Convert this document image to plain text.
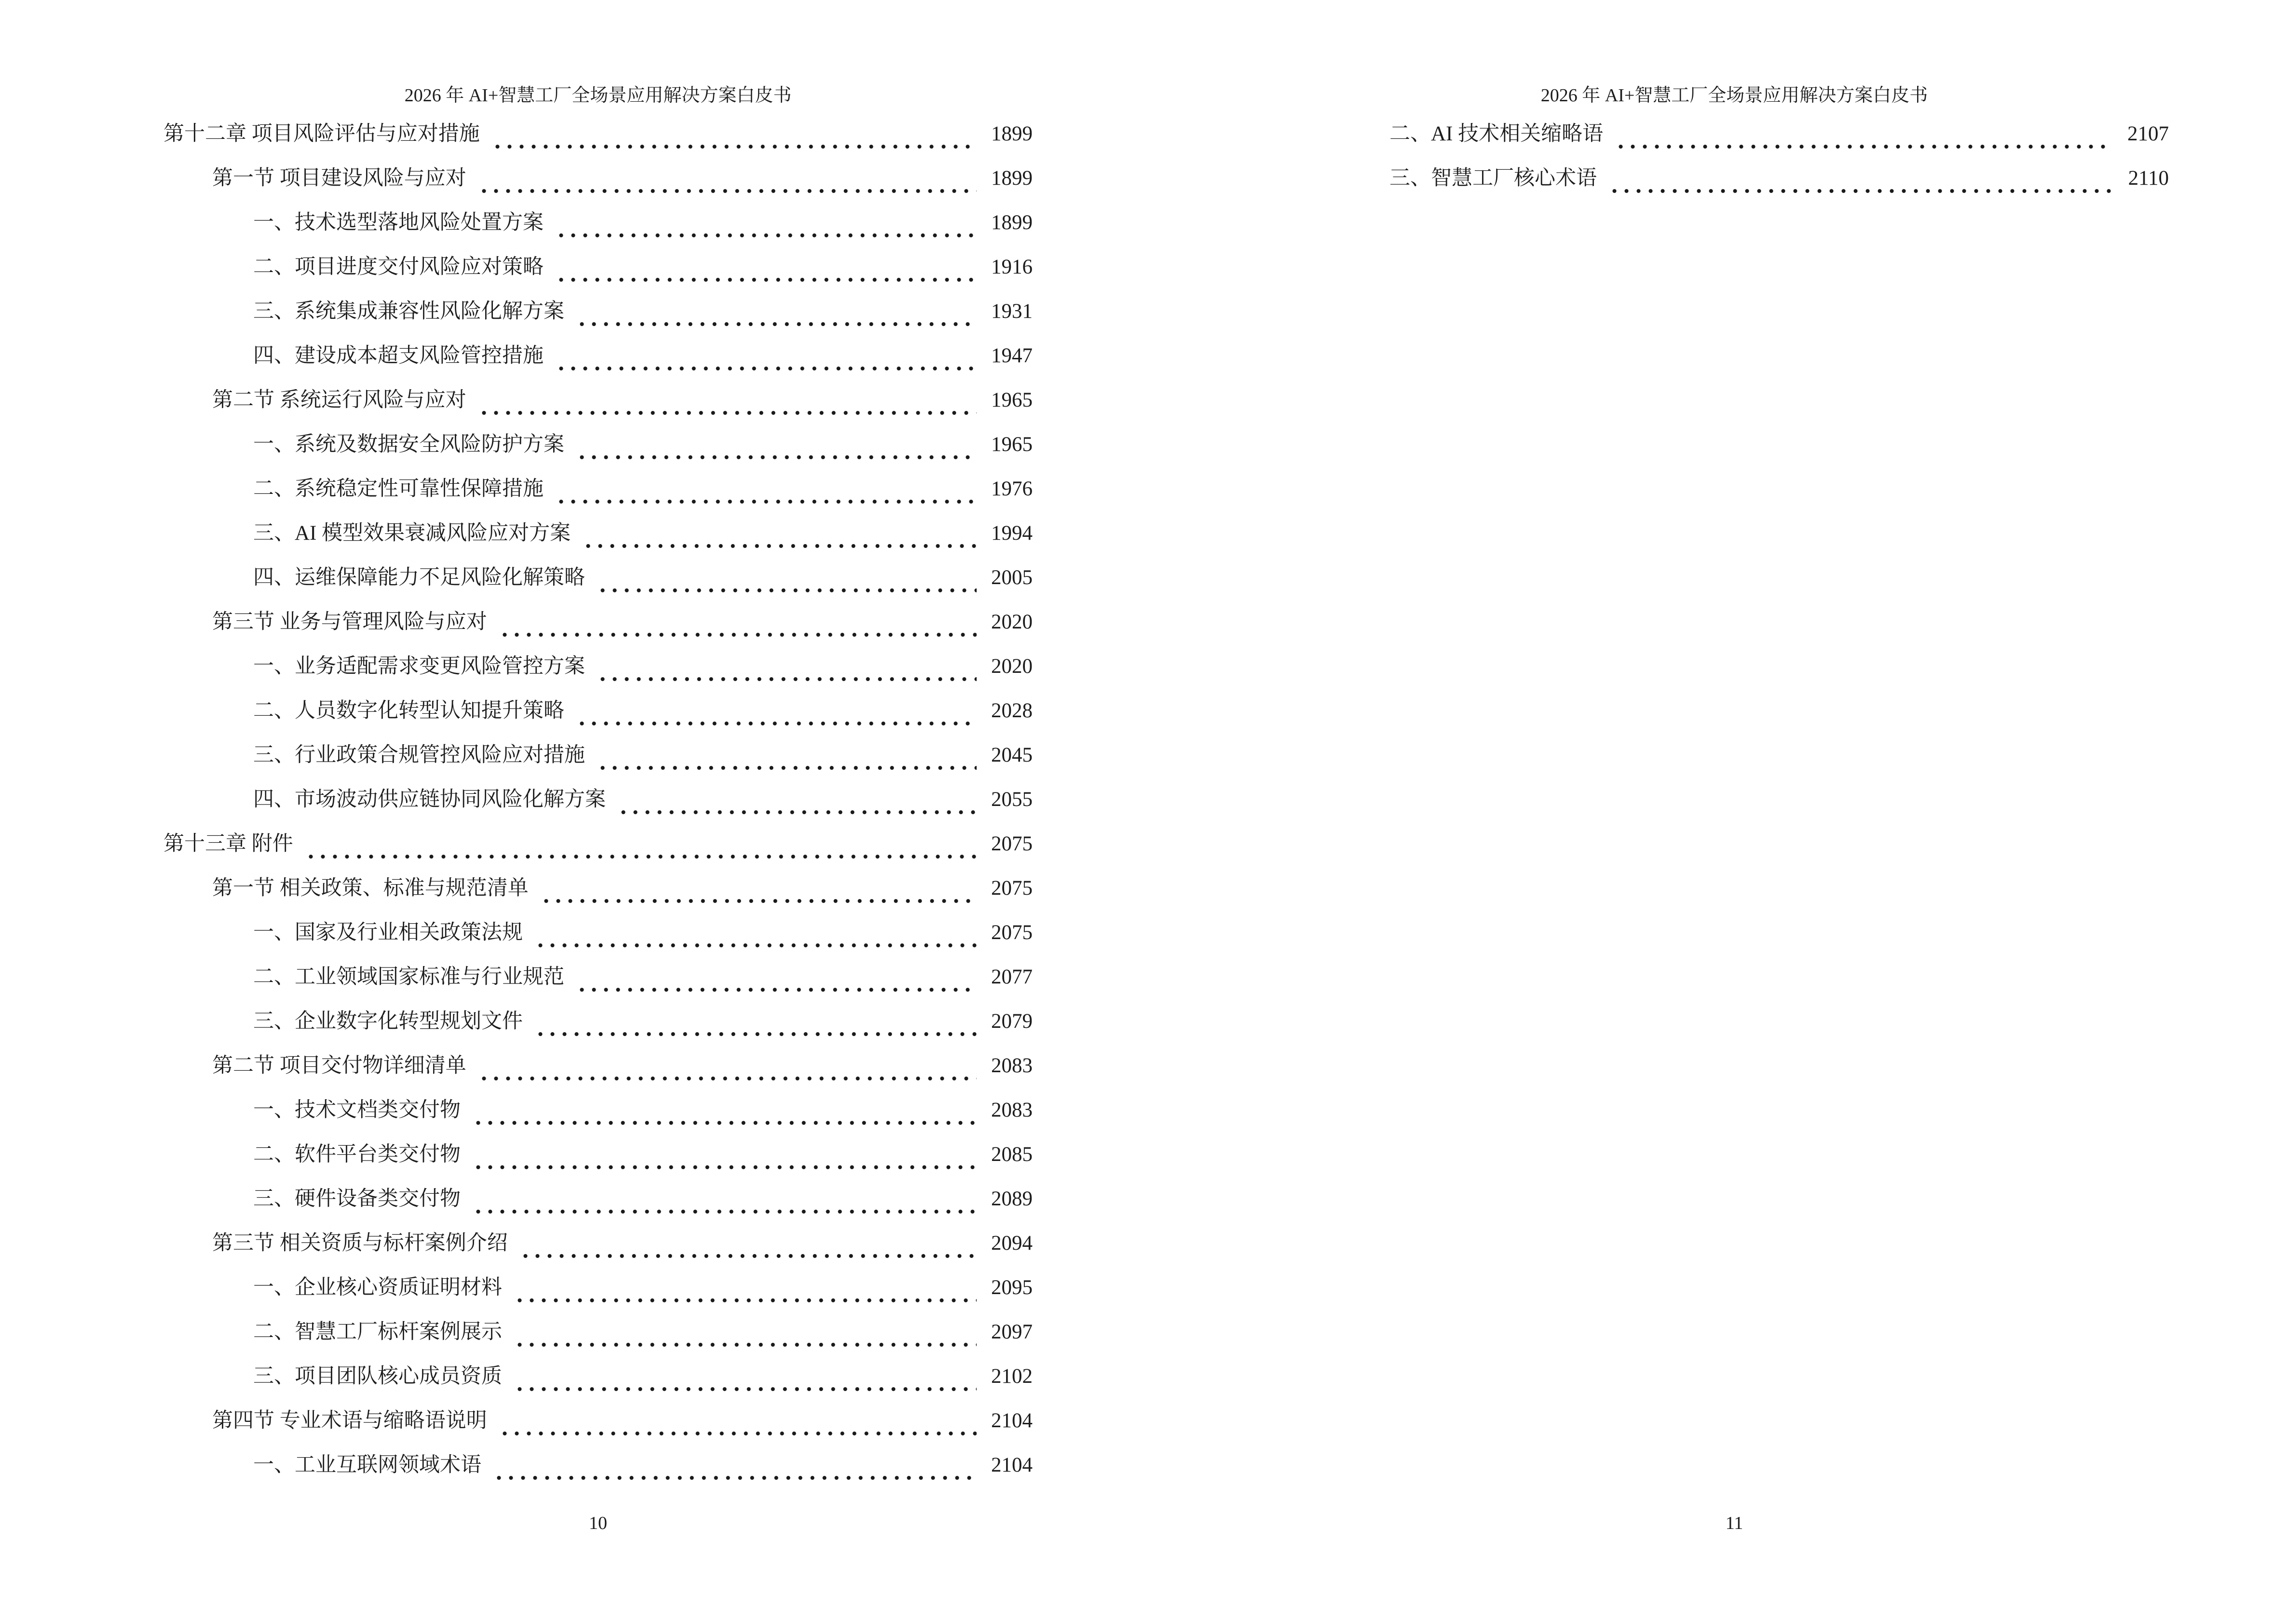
2026 年 AI+智慧工厂全场景应用解决方案白皮书
第十二章 项目风险评估与应对措施	1899
第一节 项目建设风险与应对	1899
一、技术选型落地风险处置方案	1899
二、项目进度交付风险应对策略	1916
三、系统集成兼容性风险化解方案	1931
四、建设成本超支风险管控措施	1947
第二节 系统运行风险与应对	1965
一、系统及数据安全风险防护方案	1965
二、系统稳定性可靠性保障措施	1976
三、AI 模型效果衰减风险应对方案	1994
四、运维保障能力不足风险化解策略	2005
第三节 业务与管理风险与应对	2020
一、业务适配需求变更风险管控方案	2020
二、人员数字化转型认知提升策略	2028
三、行业政策合规管控风险应对措施	2045
四、市场波动供应链协同风险化解方案	2055
第十三章 附件	2075
第一节 相关政策、标准与规范清单	2075
一、国家及行业相关政策法规	2075
二、工业领域国家标准与行业规范	2077
三、企业数字化转型规划文件	2079
第二节 项目交付物详细清单	2083
一、技术文档类交付物	2083
二、软件平台类交付物	2085
三、硬件设备类交付物	2089
第三节 相关资质与标杆案例介绍	2094
一、企业核心资质证明材料	2095
二、智慧工厂标杆案例展示	2097
三、项目团队核心成员资质	2102
第四节 专业术语与缩略语说明	2104
一、工业互联网领域术语	2104
10
2026 年 AI+智慧工厂全场景应用解决方案白皮书
二、AI 技术相关缩略语	2107
三、智慧工厂核心术语	2110
11
